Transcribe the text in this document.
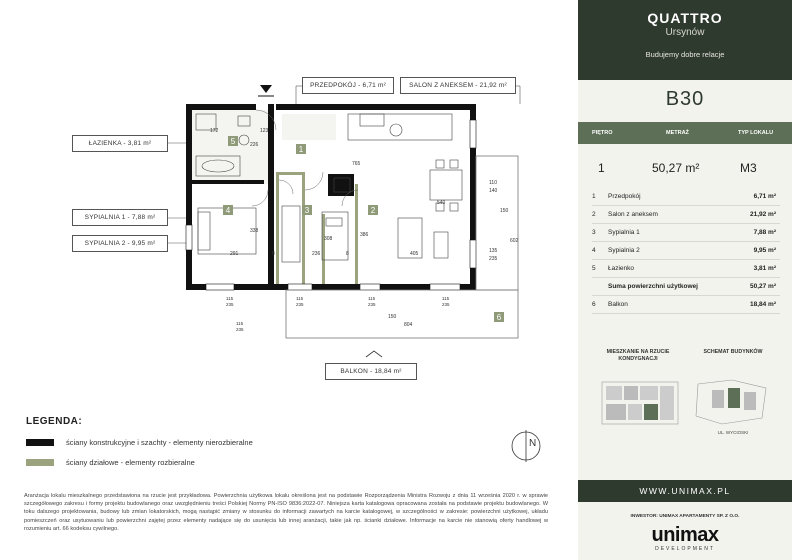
PRZEDPOKÓJ - 6,71 m²	SALON Z ANEKSEM - 21,92 m²
ŁAZIENKA - 3,81 m²
SYPIALNIA 1 - 7,88 m²
SYPIALNIA 2 - 9,95 m²
BALKON - 18,84 m²
5
1
2
3
4
6
172	123
226
765
291
338
236
308
386
405
8	8
110
140
150
135
235
602
804
150
540
115
235
115
235
115
235
115
235
115
235
N
LEGENDA:
ściany konstrukcyjne i szachty - elementy nierozbieralne
ściany działowe - elementy rozbieralne
Aranżacja lokalu mieszkalnego przedstawiona na rzucie jest przykładowa. Powierzchnia użytkowa lokalu określona jest na podstawie Rozporządzenia Ministra Rozwoju z dnia 11 września 2020 r. w sprawie szczegółowego zakresu i formy projektu budowlanego oraz uwzględnieniu treści Polskiej Normy PN-ISO 9836:2022-07. Niniejsza karta katalogowa opracowana została na podstawie projektu budowlanego. W toku dalszego projektowania, budowy lub zmian lokatorskich, mogą nastąpić zmiany w stosunku do informacji zawartych na karcie katalogowej, w szczególności w zakresie: powierzchni użytkowej, układu pomieszczeń oraz usytuowaniu lub powierzchni zajętej przez elementy nadające się do usunięcia lub innej aranżacji, takie jak np. ścianki działowe. Informacje na karcie nie stanowią oferty handlowej w rozumieniu art. 66 kodeksu cywilnego.
QUATTRO
Ursynów
Budujemy dobre relacje
B30
PIĘTRO	METRAŻ	TYP LOKALU
1	50,27 m²	M3
1 Przedpokój	6,71 m²
2 Salon z aneksem	21,92 m²
3 Sypialnia 1	7,88 m²
4 Sypialnia 2	9,95 m²
5 Łazienko	3,81 m²
Suma powierzchni użytkowej	50,27 m²
6 Balkon	18,84 m²
MIESZKANIE NA RZUCIE KONDYGNACJI
SCHEMAT BUDYNKÓW
UL. WYCIOSKI
WWW.UNIMAX.PL
INWESTOR: UNIMAX APARTAMENTY SP. Z O.O.
unimax
DEVELOPMENT
